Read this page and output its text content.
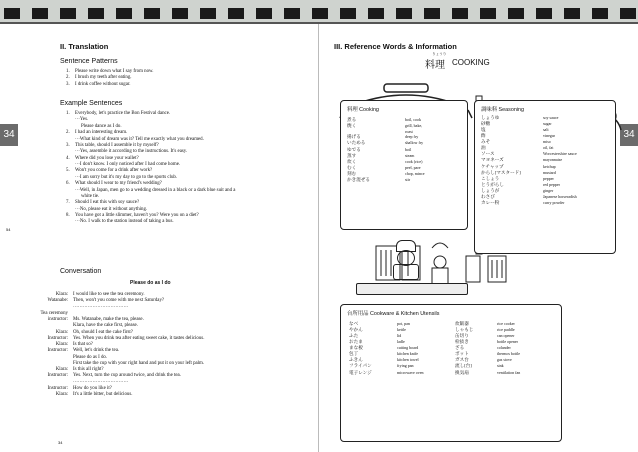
34	34
54
II. Translation
Sentence Patterns
1.	Please write down what I say from now.
2.	I brush my teeth after eating.
3.	I drink coffee without sugar.
Example Sentences
1.	Everybody, let's practice the Bon Festival dance.
···Yes.
Please dance as I do.
2.	I had an interesting dream.
···What kind of dream was it? Tell me exactly what you dreamed.
3.	This table, should I assemble it by myself?
···Yes, assemble it according to the instructions. It's easy.
4.	Where did you lose your wallet?
···I don't know. I only noticed after I had come home.
5.	Won't you come for a drink after work?
···I am sorry but it's my day to go to the sports club.
6.	What should I wear to my friend's wedding?
···Well, in Japan, men go to a wedding dressed in a black or a dark blue suit and a
white tie.
7.	Should I eat this with soy sauce?
···No, please eat it without anything.
8.	You have got a little slimmer, haven't you? Were you on a diet?
···No. I walk to the station instead of taking a bus.
Conversation
Please do as I do
Klara:	I would like to see the tea ceremony.
Watanabe:	Then, won't you come with me next Saturday?
··································
Tea ceremony
instructor:	Ms. Watanabe, make the tea, please.
Klara, have the cake first, please.
Klara:	Oh, should I eat the cake first?
Instructor:	Yes. When you drink tea after eating sweet cake, it tastes delicious.
Klara:	Is that so?
Instructor:	Well, let's drink the tea.
Please do as I do.
First take the cup with your right hand and put it on your left palm.
Klara:	Is this all right?
Instructor:	Yes. Next, turn the cup around twice, and drink the tea.
··································
Instructor:	How do you like it?
Klara:	It's a little bitter, but delicious.
34
III. Reference Words & Information
りょうり
料理 COOKING
料理 Cooking
煮る	boil, cook
焼く	grill, bake,
roast
揚げる	deep fry
いためる	shallow fry
ゆでる	boil
蒸す	steam
炊く	cook (rice)
むく	peel, pare
刻む	chop, mince
かき混ぜる	stir
調味料 Seasoning
しょうゆ	soy sauce
砂糖	sugar
塩	salt
酢	vinegar
みそ	miso
油	oil, fat
ソース	Worcestershire sauce
マヨネーズ	mayonnaise
ケチャップ	ketchup
からし[マスタード]	mustard
こしょう	pepper
とうがらし	red pepper
しょうが	ginger
わさび	Japanese horseradish
カレー粉	curry powder
台所用品 Cookware & Kitchen Utensils
なべ	pot, pan
やかん	kettle
ふた	lid
おたま	ladle
まな板	cutting board
包丁	kitchen knife
ふきん	kitchen towel
フライパン	frying pan
電子レンジ	microwave oven
炊飯器	rice cooker
しゃもじ	rice paddle
缶切り	can opener
栓抜き	bottle opener
ざる	colander
ポット	thermos bottle
ガス台	gas stove
流し[台]	sink
換気扇	ventilation fan
